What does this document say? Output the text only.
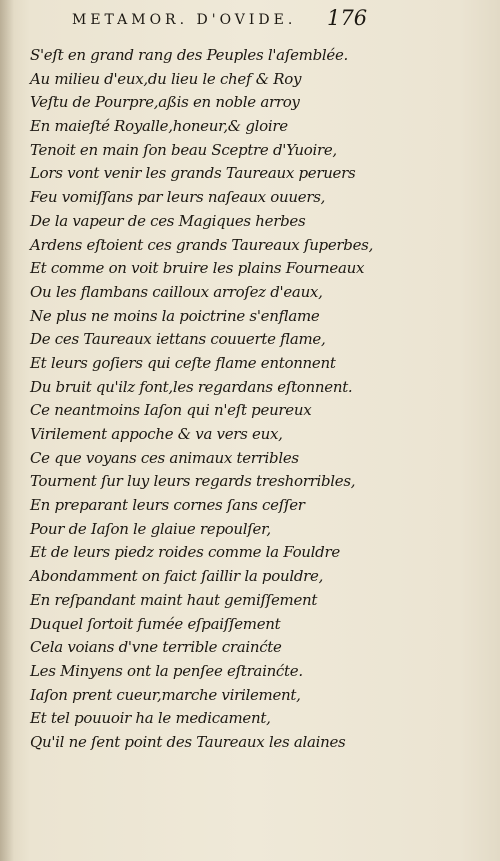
METAMOR. D'OVIDE. 176
S'eſt en grand rang des Peuples l'aſemblée.
Au milieu d'eux,du lieu le chef & Roy
Veſtu de Pourpre,aßis en noble arroy
En maieſté Royalle,honeur,& gloire
Tenoit en main ſon beau Sceptre d'Yuoire,
Lors vont venir les grands Taureaux peruers
Feu vomiſſans par leurs naſeaux ouuers,
De la vapeur de ces Magiques herbes
Ardens eſtoient ces grands Taureaux ſuperbes,
Et comme on voit bruire les plains Fourneaux
Ou les flambans cailloux arroſez d'eaux,
Ne plus ne moins la poictrine s'enflame
De ces Taureaux iettans couuerte flame,
Et leurs goſiers qui ceſte flame entonnent
Du bruit qu'ilz font,les regardans eſtonnent.
Ce neantmoins Iaſon qui n'eſt peureux
Virilement appoche & va vers eux,
Ce que voyans ces animaux terribles
Tournent ſur luy leurs regards treshorribles,
En preparant leurs cornes ſans ceſſer
Pour de Iaſon le glaiue repoulſer,
Et de leurs piedz roides comme la Fouldre
Abondamment on faict ſaillir la pouldre,
En reſpandant maint haut gemiſſement
Duquel ſortoit fumée eſpaiſſement
Cela voians d'vne terrible crainćte
Les Minyens ont la penſee eſtrainćte.
Iaſon prent cueur,marche virilement,
Et tel pouuoir ha le medicament,
Qu'il ne ſent point des Taureaux les alaines
